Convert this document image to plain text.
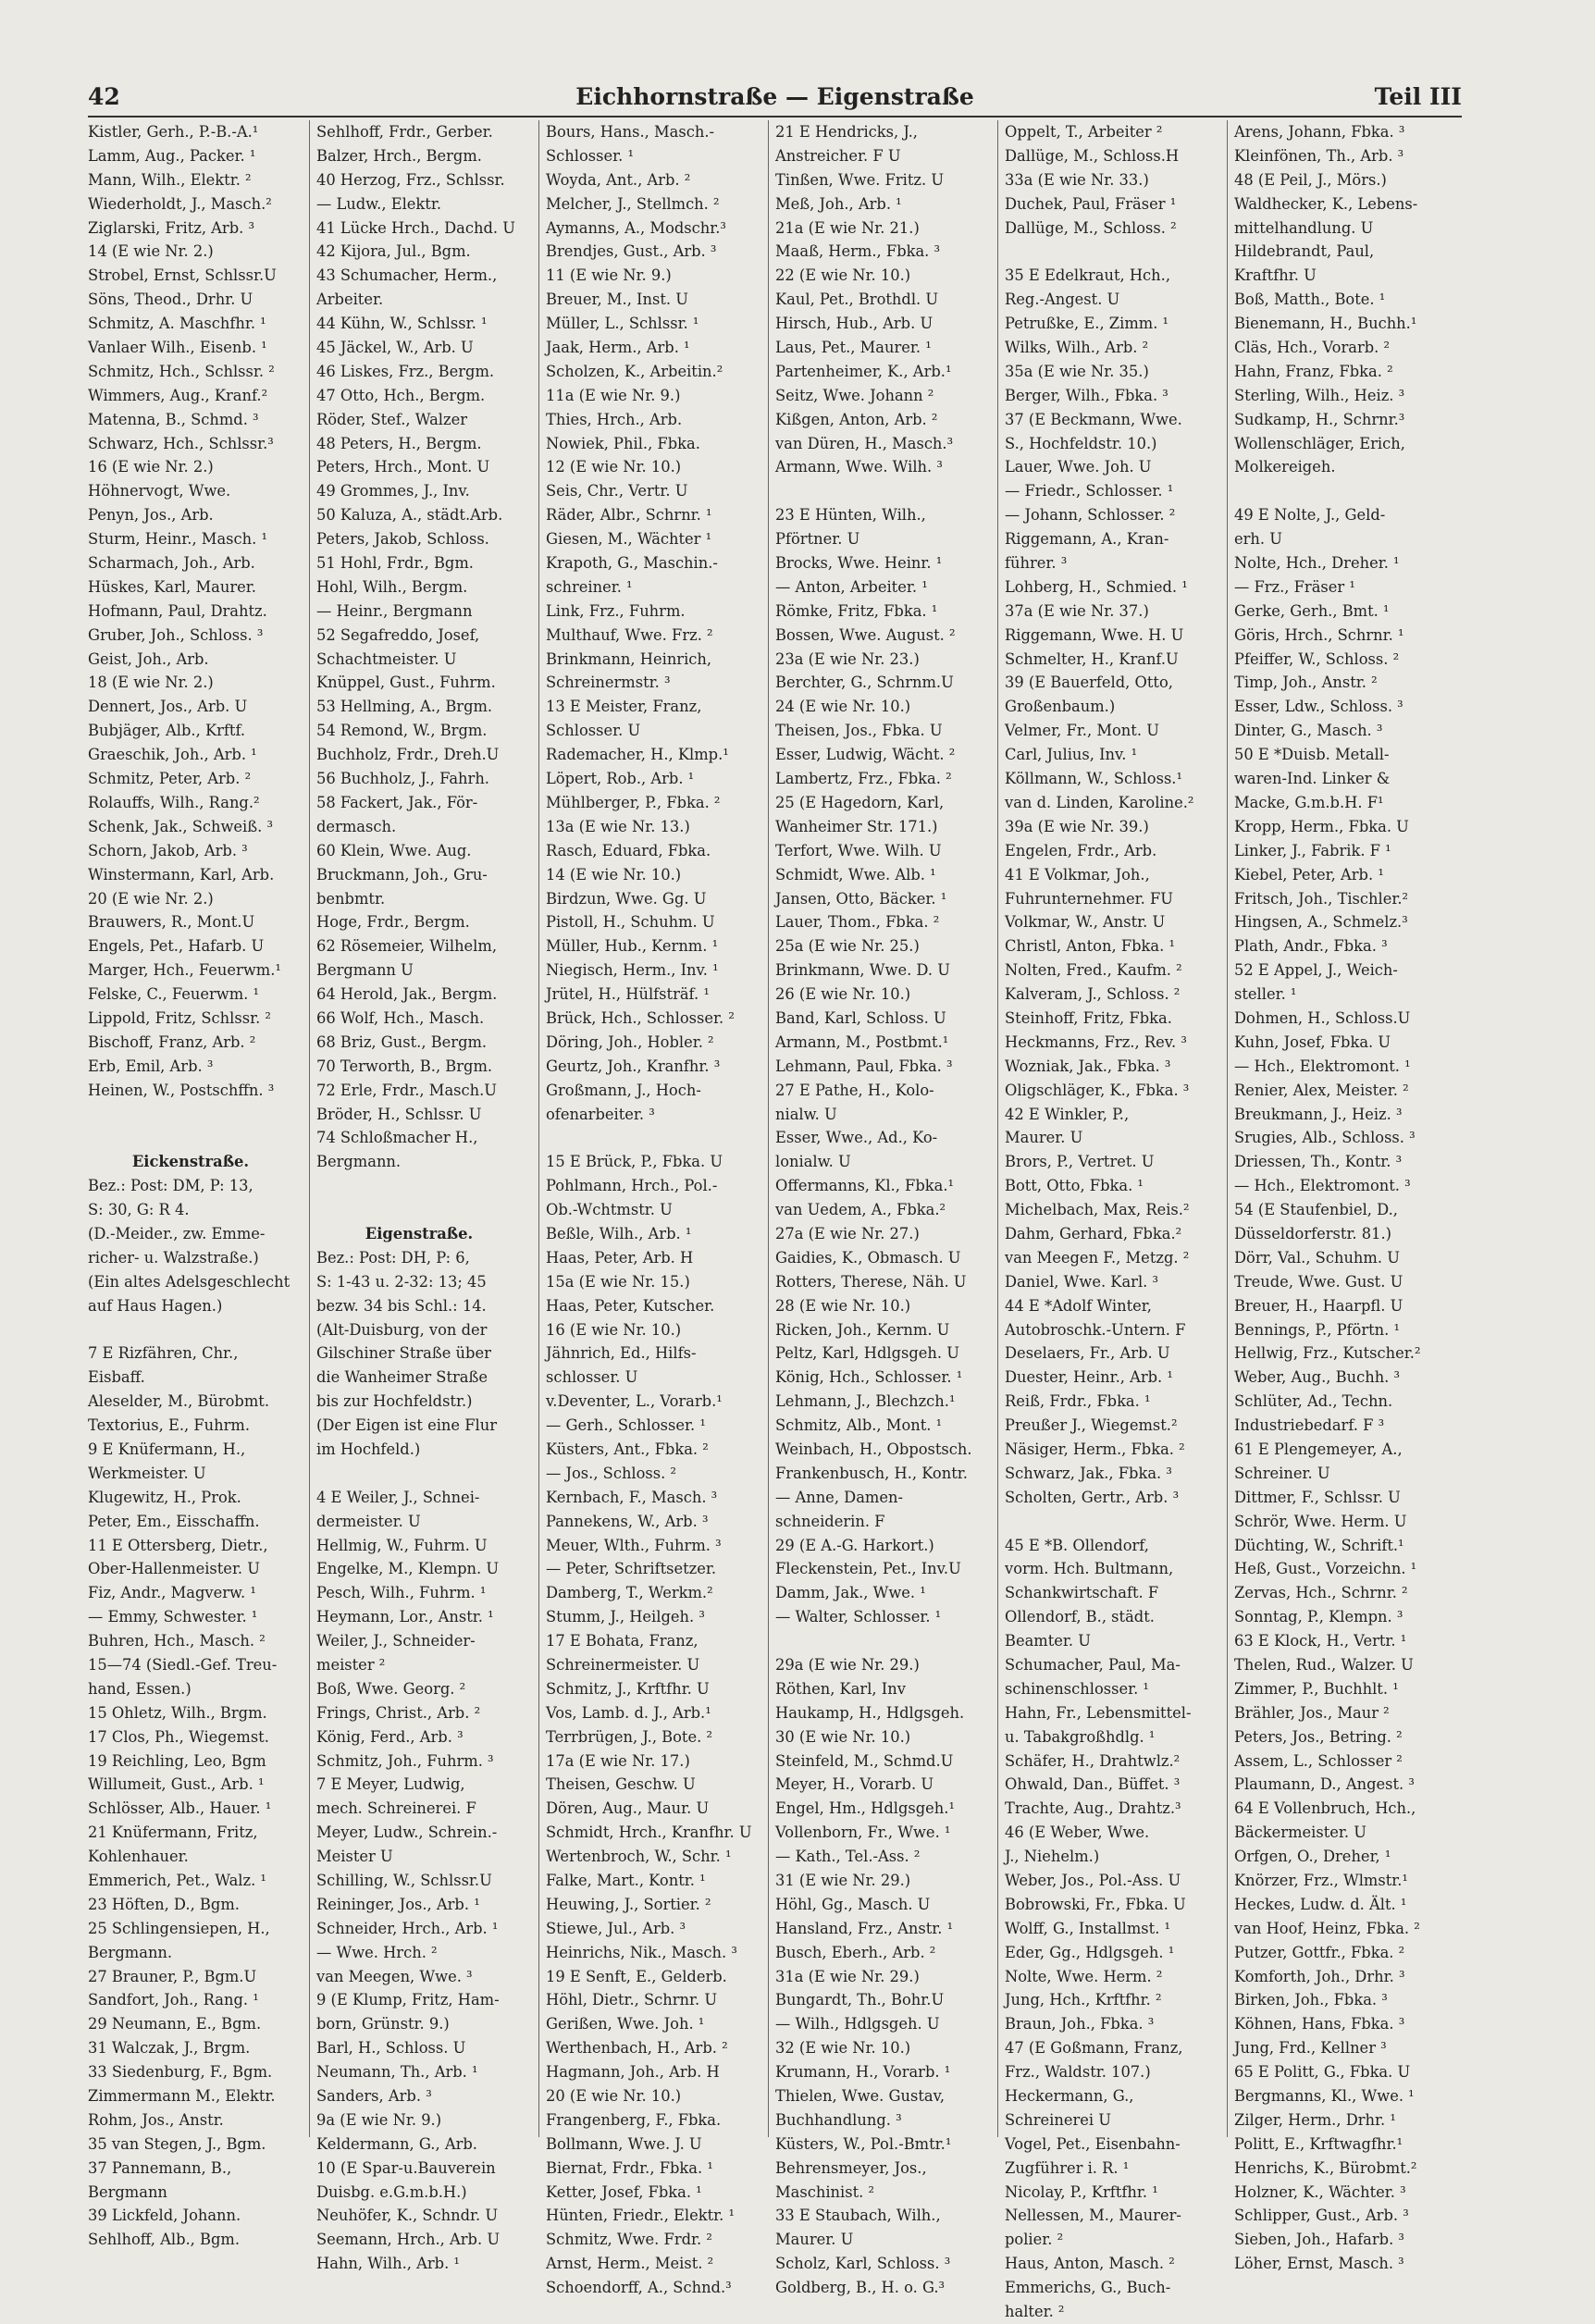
42	Eichhornstraße — Eigenstraße	Teil III
Kistler, Gerh., P.-B.-A.¹
Lamm, Aug., Packer. ¹
Mann, Wilh., Elektr. ²
Wiederholdt, J., Masch.²
Ziglarski, Fritz, Arb. ³
14 (E wie Nr. 2.)
Strobel, Ernst, Schlssr.U
Söns, Theod., Drhr. U
Schmitz, A. Maschfhr. ¹
Vanlaer Wilh., Eisenb. ¹
Schmitz, Hch., Schlssr. ²
Wimmers, Aug., Kranf.²
Matenna, B., Schmd. ³
Schwarz, Hch., Schlssr.³
16 (E wie Nr. 2.)
Höhnervogt, Wwe.
Penyn, Jos., Arb.
Sturm, Heinr., Masch. ¹
Scharmach, Joh., Arb.
Hüskes, Karl, Maurer.
Hofmann, Paul, Drahtz.
Gruber, Joh., Schloss. ³
Geist, Joh., Arb.
18 (E wie Nr. 2.)
Dennert, Jos., Arb. U
Bubjäger, Alb., Krftf.
Graeschik, Joh., Arb. ¹
Schmitz, Peter, Arb. ²
Rolauffs, Wilh., Rang.²
Schenk, Jak., Schweiß. ³
Schorn, Jakob, Arb. ³
Winstermann, Karl, Arb.
20 (E wie Nr. 2.)
Brauwers, R., Mont.U
Engels, Pet., Hafarb. U
Marger, Hch., Feuerwm.¹
Felske, C., Feuerwm. ¹
Lippold, Fritz, Schlssr. ²
Bischoff, Franz, Arb. ²
Erb, Emil, Arb. ³
Heinen, W., Postschffn. ³
Eickenstraße.
Bez.: Post: DM, P: 13,
S: 30, G: R 4.
(D.-Meider., zw. Emme-
richer- u. Walzstraße.)
(Ein altes Adelsgeschlecht
auf Haus Hagen.)
7 E Rizfähren, Chr.,
Eisbaff.
Aleselder, M., Bürobmt.
Textorius, E., Fuhrm.
9 E Knüfermann, H.,
Werkmeister. U
Klugewitz, H., Prok.
Peter, Em., Eisschaffn.
11 E Ottersberg, Dietr.,
Ober-Hallenmeister. U
Fiz, Andr., Magverw. ¹
— Emmy, Schwester. ¹
Buhren, Hch., Masch. ²
15—74 (Siedl.-Gef. Treu-
hand, Essen.)
15 Ohletz, Wilh., Brgm.
17 Clos, Ph., Wiegemst.
19 Reichling, Leo, Bgm
Willumeit, Gust., Arb. ¹
Schlösser, Alb., Hauer. ¹
21 Knüfermann, Fritz,
Kohlenhauer.
Emmerich, Pet., Walz. ¹
23 Höften, D., Bgm.
25 Schlingensiepen, H.,
Bergmann.
27 Brauner, P., Bgm.U
Sandfort, Joh., Rang. ¹
29 Neumann, E., Bgm.
31 Walczak, J., Brgm.
33 Siedenburg, F., Bgm.
Zimmermann M., Elektr.
Rohm, Jos., Anstr.
35 van Stegen, J., Bgm.
37 Pannemann, B.,
Bergmann
39 Lickfeld, Johann.
Sehlhoff, Alb., Bgm.
Sehlhoff, Frdr., Gerber.
Balzer, Hrch., Bergm.
40 Herzog, Frz., Schlssr.
— Ludw., Elektr.
41 Lücke Hrch., Dachd. U
42 Kijora, Jul., Bgm.
43 Schumacher, Herm.,
Arbeiter.
44 Kühn, W., Schlssr. ¹
45 Jäckel, W., Arb. U
46 Liskes, Frz., Bergm.
47 Otto, Hch., Bergm.
Röder, Stef., Walzer
48 Peters, H., Bergm.
Peters, Hrch., Mont. U
49 Grommes, J., Inv.
50 Kaluza, A., städt.Arb.
Peters, Jakob, Schloss.
51 Hohl, Frdr., Bgm.
Hohl, Wilh., Bergm.
— Heinr., Bergmann
52 Segafreddo, Josef,
Schachtmeister. U
Knüppel, Gust., Fuhrm.
53 Hellming, A., Brgm.
54 Remond, W., Brgm.
Buchholz, Frdr., Dreh.U
56 Buchholz, J., Fahrh.
58 Fackert, Jak., För-
dermasch.
60 Klein, Wwe. Aug.
Bruckmann, Joh., Gru-
benbmtr.
Hoge, Frdr., Bergm.
62 Rösemeier, Wilhelm,
Bergmann U
64 Herold, Jak., Bergm.
66 Wolf, Hch., Masch.
68 Briz, Gust., Bergm.
70 Terworth, B., Brgm.
72 Erle, Frdr., Masch.U
Bröder, H., Schlssr. U
74 Schloßmacher H.,
Bergmann.
Eigenstraße.
Bez.: Post: DH, P: 6,
S: 1-43 u. 2-32: 13; 45
bezw. 34 bis Schl.: 14.
(Alt-Duisburg, von der
Gilschiner Straße über
die Wanheimer Straße
bis zur Hochfeldstr.)
(Der Eigen ist eine Flur
im Hochfeld.)
4 E Weiler, J., Schnei-
dermeister. U
Hellmig, W., Fuhrm. U
Engelke, M., Klempn. U
Pesch, Wilh., Fuhrm. ¹
Heymann, Lor., Anstr. ¹
Weiler, J., Schneider-
meister ²
Boß, Wwe. Georg. ²
Frings, Christ., Arb. ²
König, Ferd., Arb. ³
Schmitz, Joh., Fuhrm. ³
7 E Meyer, Ludwig,
mech. Schreinerei. F
Meyer, Ludw., Schrein.-
Meister U
Schilling, W., Schlssr.U
Reininger, Jos., Arb. ¹
Schneider, Hrch., Arb. ¹
— Wwe. Hrch. ²
van Meegen, Wwe. ³
9 (E Klump, Fritz, Ham-
born, Grünstr. 9.)
Barl, H., Schloss. U
Neumann, Th., Arb. ¹
Sanders, Arb. ³
9a (E wie Nr. 9.)
Keldermann, G., Arb.
10 (E Spar-u.Bauverein
Duisbg. e.G.m.b.H.)
Neuhöfer, K., Schndr. U
Seemann, Hrch., Arb. U
Hahn, Wilh., Arb. ¹
Bours, Hans., Masch.-
Schlosser. ¹
Woyda, Ant., Arb. ²
Melcher, J., Stellmch. ²
Aymanns, A., Modschr.³
Brendjes, Gust., Arb. ³
11 (E wie Nr. 9.)
Breuer, M., Inst. U
Müller, L., Schlssr. ¹
Jaak, Herm., Arb. ¹
Scholzen, K., Arbeitin.²
11a (E wie Nr. 9.)
Thies, Hrch., Arb.
Nowiek, Phil., Fbka.
12 (E wie Nr. 10.)
Seis, Chr., Vertr. U
Räder, Albr., Schrnr. ¹
Giesen, M., Wächter ¹
Krapoth, G., Maschin.-
schreiner. ¹
Link, Frz., Fuhrm.
Multhauf, Wwe. Frz. ²
Brinkmann, Heinrich,
Schreinermstr. ³
13 E Meister, Franz,
Schlosser. U
Rademacher, H., Klmp.¹
Löpert, Rob., Arb. ¹
Mühlberger, P., Fbka. ²
13a (E wie Nr. 13.)
Rasch, Eduard, Fbka.
14 (E wie Nr. 10.)
Birdzun, Wwe. Gg. U
Pistoll, H., Schuhm. U
Müller, Hub., Kernm. ¹
Niegisch, Herm., Inv. ¹
Jrütel, H., Hülfsträf. ¹
Brück, Hch., Schlosser. ²
Döring, Joh., Hobler. ²
Geurtz, Joh., Kranfhr. ³
Großmann, J., Hoch-
ofenarbeiter. ³
15 E Brück, P., Fbka. U
Pohlmann, Hrch., Pol.-
Ob.-Wchtmstr. U
Beßle, Wilh., Arb. ¹
Haas, Peter, Arb. H
15a (E wie Nr. 15.)
Haas, Peter, Kutscher.
16 (E wie Nr. 10.)
Jähnrich, Ed., Hilfs-
schlosser. U
v.Deventer, L., Vorarb.¹
— Gerh., Schlosser. ¹
Küsters, Ant., Fbka. ²
— Jos., Schloss. ²
Kernbach, F., Masch. ³
Pannekens, W., Arb. ³
Meuer, Wlth., Fuhrm. ³
— Peter, Schriftsetzer.
Damberg, T., Werkm.²
Stumm, J., Heilgeh. ³
17 E Bohata, Franz,
Schreinermeister. U
Schmitz, J., Krftfhr. U
Vos, Lamb. d. J., Arb.¹
Terrbrügen, J., Bote. ²
17a (E wie Nr. 17.)
Theisen, Geschw. U
Dören, Aug., Maur. U
Schmidt, Hrch., Kranfhr. U
Wertenbroch, W., Schr. ¹
Falke, Mart., Kontr. ¹
Heuwing, J., Sortier. ²
Stiewe, Jul., Arb. ³
Heinrichs, Nik., Masch. ³
19 E Senft, E., Gelderb.
Höhl, Dietr., Schrnr. U
Gerißen, Wwe. Joh. ¹
Werthenbach, H., Arb. ²
Hagmann, Joh., Arb. H
20 (E wie Nr. 10.)
Frangenberg, F., Fbka.
Bollmann, Wwe. J. U
Biernat, Frdr., Fbka. ¹
Ketter, Josef, Fbka. ¹
Hünten, Friedr., Elektr. ¹
Schmitz, Wwe. Frdr. ²
Arnst, Herm., Meist. ²
Schoendorff, A., Schnd.³
21 E Hendricks, J.,
Anstreicher. F U
Tinßen, Wwe. Fritz. U
Meß, Joh., Arb. ¹
21a (E wie Nr. 21.)
Maaß, Herm., Fbka. ³
22 (E wie Nr. 10.)
Kaul, Pet., Brothdl. U
Hirsch, Hub., Arb. U
Laus, Pet., Maurer. ¹
Partenheimer, K., Arb.¹
Seitz, Wwe. Johann ²
Kißgen, Anton, Arb. ²
van Düren, H., Masch.³
Armann, Wwe. Wilh. ³
23 E Hünten, Wilh.,
Pförtner. U
Brocks, Wwe. Heinr. ¹
— Anton, Arbeiter. ¹
Römke, Fritz, Fbka. ¹
Bossen, Wwe. August. ²
23a (E wie Nr. 23.)
Berchter, G., Schrnm.U
24 (E wie Nr. 10.)
Theisen, Jos., Fbka. U
Esser, Ludwig, Wächt. ²
Lambertz, Frz., Fbka. ²
25 (E Hagedorn, Karl,
Wanheimer Str. 171.)
Terfort, Wwe. Wilh. U
Schmidt, Wwe. Alb. ¹
Jansen, Otto, Bäcker. ¹
Lauer, Thom., Fbka. ²
25a (E wie Nr. 25.)
Brinkmann, Wwe. D. U
26 (E wie Nr. 10.)
Band, Karl, Schloss. U
Armann, M., Postbmt.¹
Lehmann, Paul, Fbka. ³
27 E Pathe, H., Kolo-
nialw. U
Esser, Wwe., Ad., Ko-
lonialw. U
Offermanns, Kl., Fbka.¹
van Uedem, A., Fbka.²
27a (E wie Nr. 27.)
Gaidies, K., Obmasch. U
Rotters, Therese, Näh. U
28 (E wie Nr. 10.)
Ricken, Joh., Kernm. U
Peltz, Karl, Hdlgsgeh. U
König, Hch., Schlosser. ¹
Lehmann, J., Blechzch.¹
Schmitz, Alb., Mont. ¹
Weinbach, H., Obpostsch.
Frankenbusch, H., Kontr.
— Anne, Damen-
schneiderin. F
29 (E A.-G. Harkort.)
Fleckenstein, Pet., Inv.U
Damm, Jak., Wwe. ¹
— Walter, Schlosser. ¹
29a (E wie Nr. 29.)
Röthen, Karl, Inv
Haukamp, H., Hdlgsgeh.
30 (E wie Nr. 10.)
Steinfeld, M., Schmd.U
Meyer, H., Vorarb. U
Engel, Hm., Hdlgsgeh.¹
Vollenborn, Fr., Wwe. ¹
— Kath., Tel.-Ass. ²
31 (E wie Nr. 29.)
Höhl, Gg., Masch. U
Hansland, Frz., Anstr. ¹
Busch, Eberh., Arb. ²
31a (E wie Nr. 29.)
Bungardt, Th., Bohr.U
— Wilh., Hdlgsgeh. U
32 (E wie Nr. 10.)
Krumann, H., Vorarb. ¹
Thielen, Wwe. Gustav,
Buchhandlung. ³
Küsters, W., Pol.-Bmtr.¹
Behrensmeyer, Jos.,
Maschinist. ²
33 E Staubach, Wilh.,
Maurer. U
Scholz, Karl, Schloss. ³
Goldberg, B., H. o. G.³
Oppelt, T., Arbeiter ²
Dallüge, M., Schloss.H
33a (E wie Nr. 33.)
Duchek, Paul, Fräser ¹
Dallüge, M., Schloss. ²
35 E Edelkraut, Hch.,
Reg.-Angest. U
Petrußke, E., Zimm. ¹
Wilks, Wilh., Arb. ²
35a (E wie Nr. 35.)
Berger, Wilh., Fbka. ³
37 (E Beckmann, Wwe.
S., Hochfeldstr. 10.)
Lauer, Wwe. Joh. U
— Friedr., Schlosser. ¹
— Johann, Schlosser. ²
Riggemann, A., Kran-
führer. ³
Lohberg, H., Schmied. ¹
37a (E wie Nr. 37.)
Riggemann, Wwe. H. U
Schmelter, H., Kranf.U
39 (E Bauerfeld, Otto,
Großenbaum.)
Velmer, Fr., Mont. U
Carl, Julius, Inv. ¹
Köllmann, W., Schloss.¹
van d. Linden, Karoline.²
39a (E wie Nr. 39.)
Engelen, Frdr., Arb.
41 E Volkmar, Joh.,
Fuhrunternehmer. FU
Volkmar, W., Anstr. U
Christl, Anton, Fbka. ¹
Nolten, Fred., Kaufm. ²
Kalveram, J., Schloss. ²
Steinhoff, Fritz, Fbka.
Heckmanns, Frz., Rev. ³
Wozniak, Jak., Fbka. ³
Oligschläger, K., Fbka. ³
42 E Winkler, P.,
Maurer. U
Brors, P., Vertret. U
Bott, Otto, Fbka. ¹
Michelbach, Max, Reis.²
Dahm, Gerhard, Fbka.²
van Meegen F., Metzg. ²
Daniel, Wwe. Karl. ³
44 E *Adolf Winter,
Autobroschk.-Untern. F
Deselaers, Fr., Arb. U
Duester, Heinr., Arb. ¹
Reiß, Frdr., Fbka. ¹
Preußer J., Wiegemst.²
Näsiger, Herm., Fbka. ²
Schwarz, Jak., Fbka. ³
Scholten, Gertr., Arb. ³
45 E *B. Ollendorf,
vorm. Hch. Bultmann,
Schankwirtschaft. F
Ollendorf, B., städt.
Beamter. U
Schumacher, Paul, Ma-
schinenschlosser. ¹
Hahn, Fr., Lebensmittel-
u. Tabakgroßhdlg. ¹
Schäfer, H., Drahtwlz.²
Ohwald, Dan., Büffet. ³
Trachte, Aug., Drahtz.³
46 (E Weber, Wwe.
J., Niehelm.)
Weber, Jos., Pol.-Ass. U
Bobrowski, Fr., Fbka. U
Wolff, G., Installmst. ¹
Eder, Gg., Hdlgsgeh. ¹
Nolte, Wwe. Herm. ²
Jung, Hch., Krftfhr. ²
Braun, Joh., Fbka. ³
47 (E Goßmann, Franz,
Frz., Waldstr. 107.)
Heckermann, G.,
Schreinerei U
Vogel, Pet., Eisenbahn-
Zugführer i. R. ¹
Nicolay, P., Krftfhr. ¹
Nellessen, M., Maurer-
polier. ²
Haus, Anton, Masch. ²
Emmerichs, G., Buch-
halter. ²
Arens, Johann, Fbka. ³
Kleinfönen, Th., Arb. ³
48 (E Peil, J., Mörs.)
Waldhecker, K., Lebens-
mittelhandlung. U
Hildebrandt, Paul,
Kraftfhr. U
Boß, Matth., Bote. ¹
Bienemann, H., Buchh.¹
Cläs, Hch., Vorarb. ²
Hahn, Franz, Fbka. ²
Sterling, Wilh., Heiz. ³
Sudkamp, H., Schrnr.³
Wollenschläger, Erich,
Molkereigeh.
49 E Nolte, J., Geld-
erh. U
Nolte, Hch., Dreher. ¹
— Frz., Fräser ¹
Gerke, Gerh., Bmt. ¹
Göris, Hrch., Schrnr. ¹
Pfeiffer, W., Schloss. ²
Timp, Joh., Anstr. ²
Esser, Ldw., Schloss. ³
Dinter, G., Masch. ³
50 E *Duisb. Metall-
waren-Ind. Linker &
Macke, G.m.b.H. F¹
Kropp, Herm., Fbka. U
Linker, J., Fabrik. F ¹
Kiebel, Peter, Arb. ¹
Fritsch, Joh., Tischler.²
Hingsen, A., Schmelz.³
Plath, Andr., Fbka. ³
52 E Appel, J., Weich-
steller. ¹
Dohmen, H., Schloss.U
Kuhn, Josef, Fbka. U
— Hch., Elektromont. ¹
Renier, Alex, Meister. ²
Breukmann, J., Heiz. ³
Srugies, Alb., Schloss. ³
Driessen, Th., Kontr. ³
— Hch., Elektromont. ³
54 (E Staufenbiel, D.,
Düsseldorferstr. 81.)
Dörr, Val., Schuhm. U
Treude, Wwe. Gust. U
Breuer, H., Haarpfl. U
Bennings, P., Pförtn. ¹
Hellwig, Frz., Kutscher.²
Weber, Aug., Buchh. ³
Schlüter, Ad., Techn.
Industriebedarf. F ³
61 E Plengemeyer, A.,
Schreiner. U
Dittmer, F., Schlssr. U
Schrör, Wwe. Herm. U
Düchting, W., Schrift.¹
Heß, Gust., Vorzeichn. ¹
Zervas, Hch., Schrnr. ²
Sonntag, P., Klempn. ³
63 E Klock, H., Vertr. ¹
Thelen, Rud., Walzer. U
Zimmer, P., Buchhlt. ¹
Brähler, Jos., Maur ²
Peters, Jos., Betring. ²
Assem, L., Schlosser ²
Plaumann, D., Angest. ³
64 E Vollenbruch, Hch.,
Bäckermeister. U
Orfgen, O., Dreher, ¹
Knörzer, Frz., Wlmstr.¹
Heckes, Ludw. d. Ält. ¹
van Hoof, Heinz, Fbka. ²
Putzer, Gottfr., Fbka. ²
Komforth, Joh., Drhr. ³
Birken, Joh., Fbka. ³
Köhnen, Hans, Fbka. ³
Jung, Frd., Kellner ³
65 E Politt, G., Fbka. U
Bergmanns, Kl., Wwe. ¹
Zilger, Herm., Drhr. ¹
Politt, E., Krftwagfhr.¹
Henrichs, K., Bürobmt.²
Holzner, K., Wächter. ³
Schlipper, Gust., Arb. ³
Sieben, Joh., Hafarb. ³
Löher, Ernst, Masch. ³
